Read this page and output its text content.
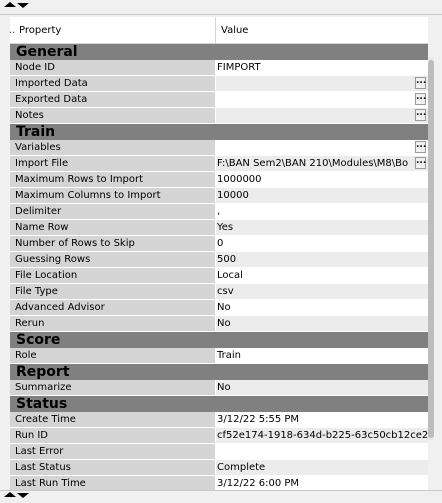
.. Property	Value
General
Node ID	FIMPORT
Imported Data	...
Exported Data	...
Notes	...
Train
Variables	...
Import File	F:\BAN Sem2\BAN 210\Modules\M8\Bo ...
Maximum Rows to Import	1000000
Maximum Columns to Import	10000
Delimiter	,
Name Row	Yes
Number of Rows to Skip	0
Guessing Rows	500
File Location	Local
File Type	csv
Advanced Advisor	No
Rerun	No
Score
Role	Train
Report
Summarize	No
Status
Create Time	3/12/22 5:55 PM
Run ID	cf52e174-1918-634d-b225-63c50cb12ce2
Last Error
Last Status	Complete
Last Run Time	3/12/22 6:00 PM
